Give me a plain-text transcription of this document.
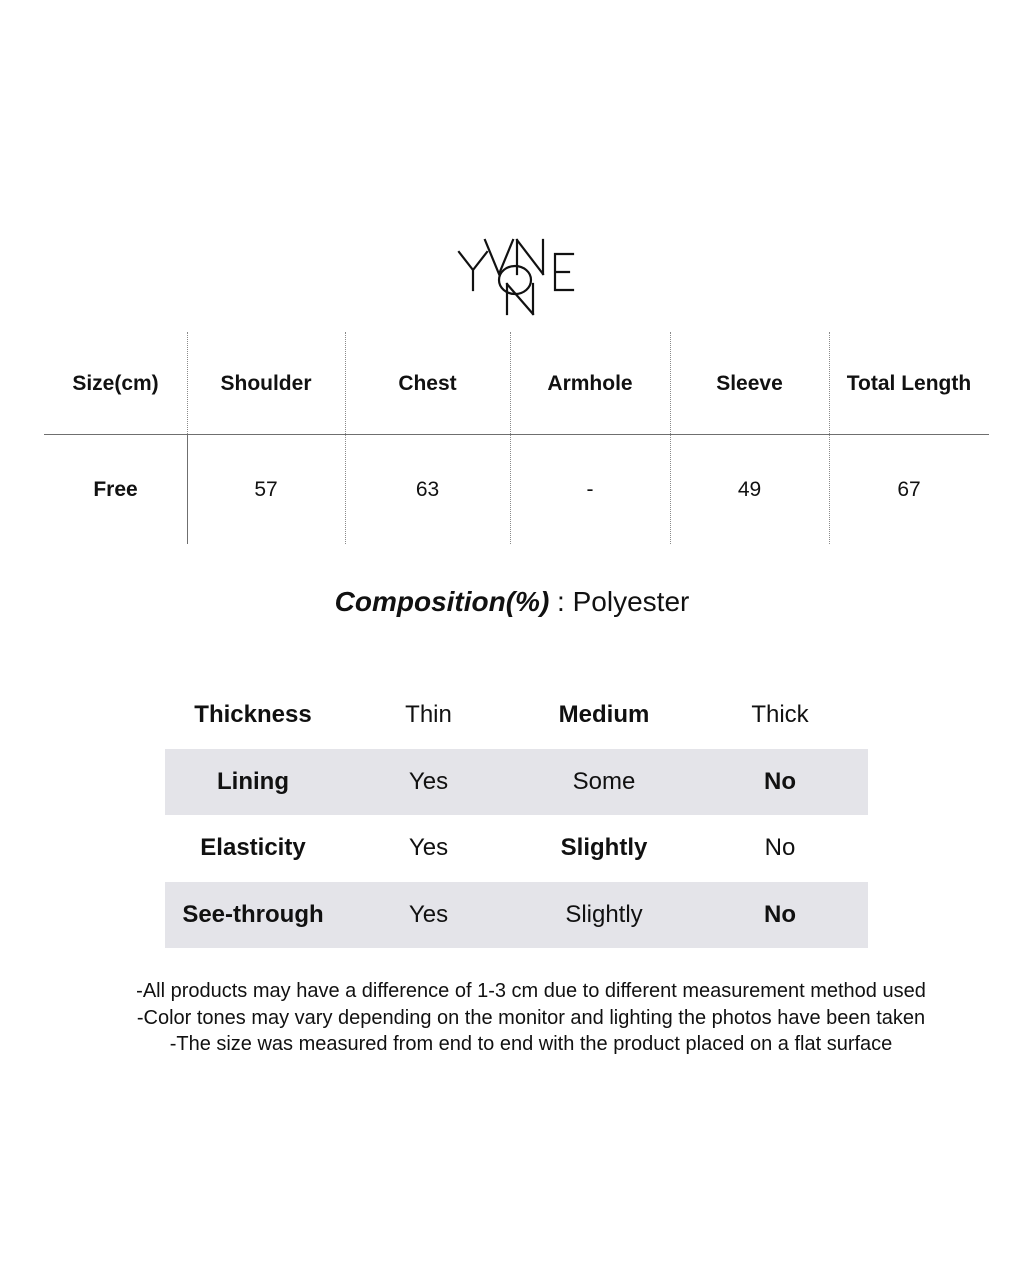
Size(cm)	Shoulder	Chest	Armhole	Sleeve	Total Length
Free	57	63	-	49	67
Composition(%) : Polyester
Thickness	Thin	Medium	Thick
Lining	Yes	Some	No
Elasticity	Yes	Slightly	No
See-through	Yes	Slightly	No
-All products may have a difference of 1-3 cm due to different measurement method used
-Color tones may vary depending on the monitor and lighting the photos have been taken
-The size was measured from end to end with the product placed on a flat surface
